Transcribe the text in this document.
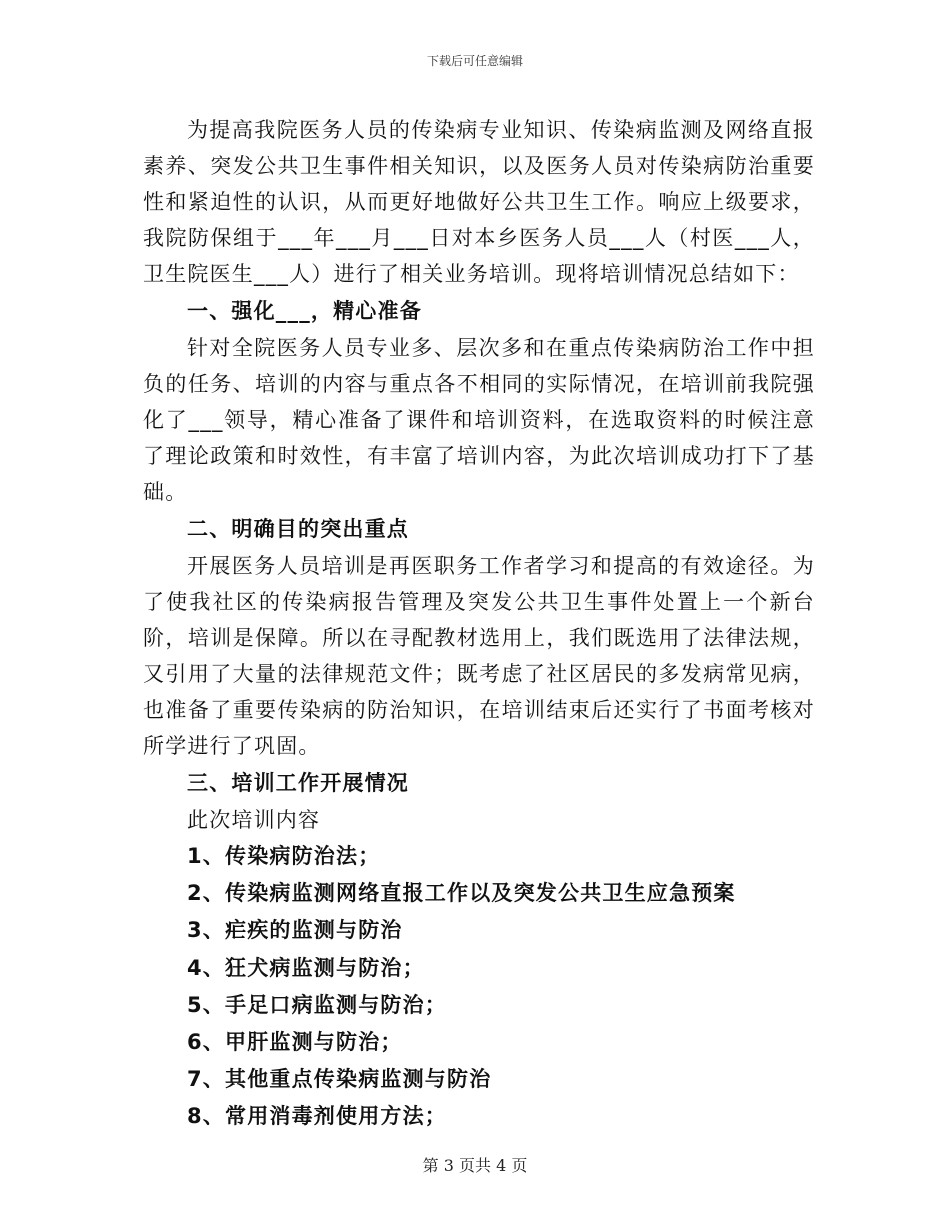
下载后可任意编辑

为提高我院医务人员的传染病专业知识、传染病监测及网络直报素养、突发公共卫生事件相关知识，以及医务人员对传染病防治重要性和紧迫性的认识，从而更好地做好公共卫生工作。响应上级要求，我院防保组于___年___月___日对本乡医务人员___人（村医___人，卫生院医生___人）进行了相关业务培训。现将培训情况总结如下：

一、强化___，精心准备

针对全院医务人员专业多、层次多和在重点传染病防治工作中担负的任务、培训的内容与重点各不相同的实际情况，在培训前我院强化了___领导，精心准备了课件和培训资料，在选取资料的时候注意了理论政策和时效性，有丰富了培训内容，为此次培训成功打下了基础。

二、明确目的突出重点

开展医务人员培训是再医职务工作者学习和提高的有效途径。为了使我社区的传染病报告管理及突发公共卫生事件处置上一个新台阶，培训是保障。所以在寻配教材选用上，我们既选用了法律法规，又引用了大量的法律规范文件；既考虑了社区居民的多发病常见病，也准备了重要传染病的防治知识，在培训结束后还实行了书面考核对所学进行了巩固。

三、培训工作开展情况

此次培训内容

1、传染病防治法；

2、传染病监测网络直报工作以及突发公共卫生应急预案

3、疟疾的监测与防治

4、狂犬病监测与防治；

5、手足口病监测与防治；

6、甲肝监测与防治；

7、其他重点传染病监测与防治

8、常用消毒剂使用方法；

第 3 页共 4 页
